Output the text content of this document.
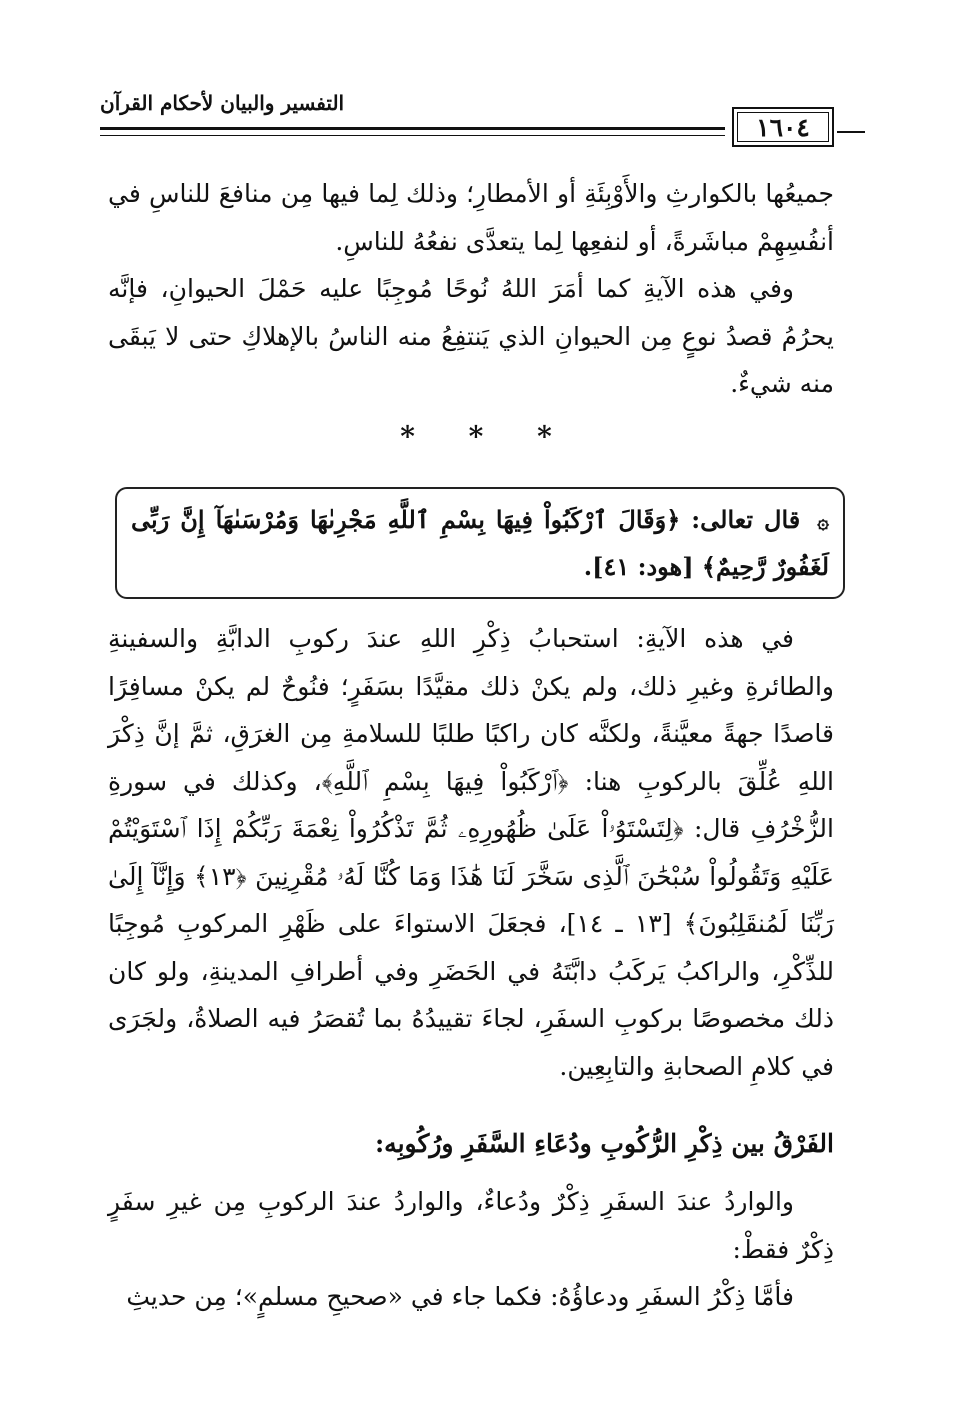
التفسير والبيان لأحكام القرآن
١٦٠٤

جميعُها بالكوارثِ والأَوْبِئَةِ أو الأمطارِ؛ وذلك لِما فيها مِن منافعَ للناسِ في أنفُسِهِمْ مباشَرةً، أو لنفعِها لِما يتعدَّى نفعُهُ للناسِ.

وفي هذه الآيةِ كما أمَرَ اللهُ نُوحًا مُوجِبًا عليه حَمْلَ الحيوانِ، فإنَّه يحرُمُ قصدُ نوعٍ مِن الحيوانِ الذي يَنتفِعُ منه الناسُ بالإهلاكِ حتى لا يَبقَى منه شيءٌ.

* * *
۞ قال تعالى: ﴿وَقَالَ ٱرْكَبُواْ فِيهَا بِسْمِ ٱللَّهِ مَجْرِىٰهَا وَمُرْسَىٰهَآ إِنَّ رَبِّى لَغَفُورٌ رَّحِيمٌ﴾ [هود: ٤١].

في هذه الآيةِ: استحبابُ ذِكْرِ اللهِ عندَ ركوبِ الدابَّةِ والسفينةِ والطائرةِ وغيرِ ذلك، ولم يكنْ ذلك مقيَّدًا بسَفَرٍ؛ فنُوحٌ لم يكنْ مسافِرًا قاصدًا جهةً معيَّنةً، ولكنَّه كان راكبًا طلبًا للسلامةِ مِن الغرَقِ، ثمَّ إنَّ ذِكْرَ اللهِ عُلِّقَ بالركوبِ هنا: ﴿ٱرْكَبُواْ فِيهَا بِسْمِ ٱللَّهِ﴾، وكذلك في سورةِ الزُّخْرُفِ قال: ﴿لِتَسْتَوُۥاْ عَلَىٰ ظُهُورِهِۦ ثُمَّ تَذْكُرُواْ نِعْمَةَ رَبِّكُمْ إِذَا ٱسْتَوَيْتُمْ عَلَيْهِ وَتَقُولُواْ سُبْحَٰنَ ٱلَّذِى سَخَّرَ لَنَا هَٰذَا وَمَا كُنَّا لَهُۥ مُقْرِنِينَ ﴿١٣﴾ وَإِنَّآ إِلَىٰ رَبِّنَا لَمُنقَلِبُونَ﴾ [١٣ ـ ١٤]، فجعَلَ الاستواءَ على ظَهْرِ المركوبِ مُوجِبًا للذِّكْرِ، والراكبُ يَركَبُ دابَّتَهُ في الحَضَرِ وفي أطرافِ المدينةِ، ولو كان ذلك مخصوصًا بركوبِ السفَرِ، لجاءَ تقييدُهُ بما تُقصَرُ فيه الصلاةُ، ولجَرَى في كلامِ الصحابةِ والتابِعِين.

الفَرْقُ بين ذِكْرِ الرُّكُوبِ ودُعَاءِ السَّفَرِ ورُكُوبِه:

والواردُ عندَ السفَرِ ذِكْرٌ ودُعاءٌ، والواردُ عندَ الركوبِ مِن غيرِ سفَرٍ ذِكْرٌ فقطْ:

فأمَّا ذِكْرُ السفَرِ ودعاؤُهُ: فكما جاء في «صحيحِ مسلمٍ»؛ مِن حديثِ
